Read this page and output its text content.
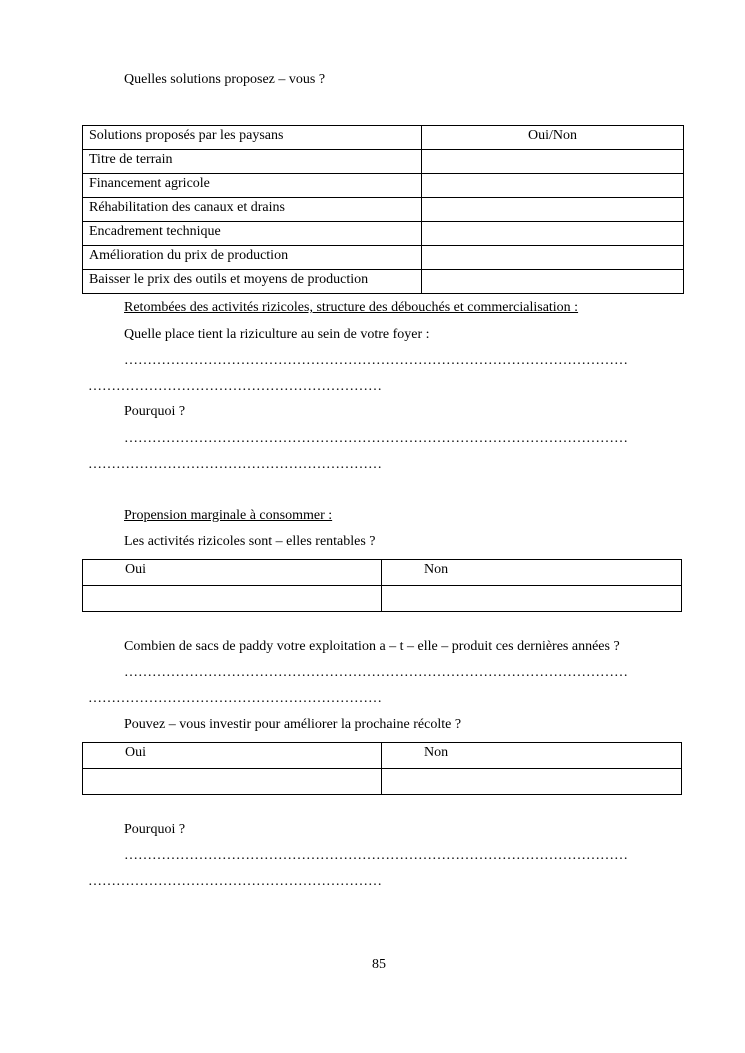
Quelles solutions proposez – vous ?
Solutions proposés par les paysans	Oui/Non
Titre de terrain	
Financement agricole	
Réhabilitation des canaux et drains	
Encadrement technique	
Amélioration du prix de production	
Baisser le prix des outils et moyens de production	
Retombées des activités rizicoles, structure des débouchés et commercialisation :
Quelle place tient la riziculture au sein de votre foyer :
………………………………………………………………………………………………
………………………………………………………
Pourquoi ?
………………………………………………………………………………………………
………………………………………………………
Propension marginale à consommer :
Les activités rizicoles sont – elles rentables ?
Oui	Non

Combien de sacs de paddy votre exploitation a – t – elle – produit ces dernières années ?
………………………………………………………………………………………………
………………………………………………………
Pouvez – vous investir pour améliorer la prochaine récolte ?
Oui	Non

Pourquoi ?
………………………………………………………………………………………………
………………………………………………………
85
